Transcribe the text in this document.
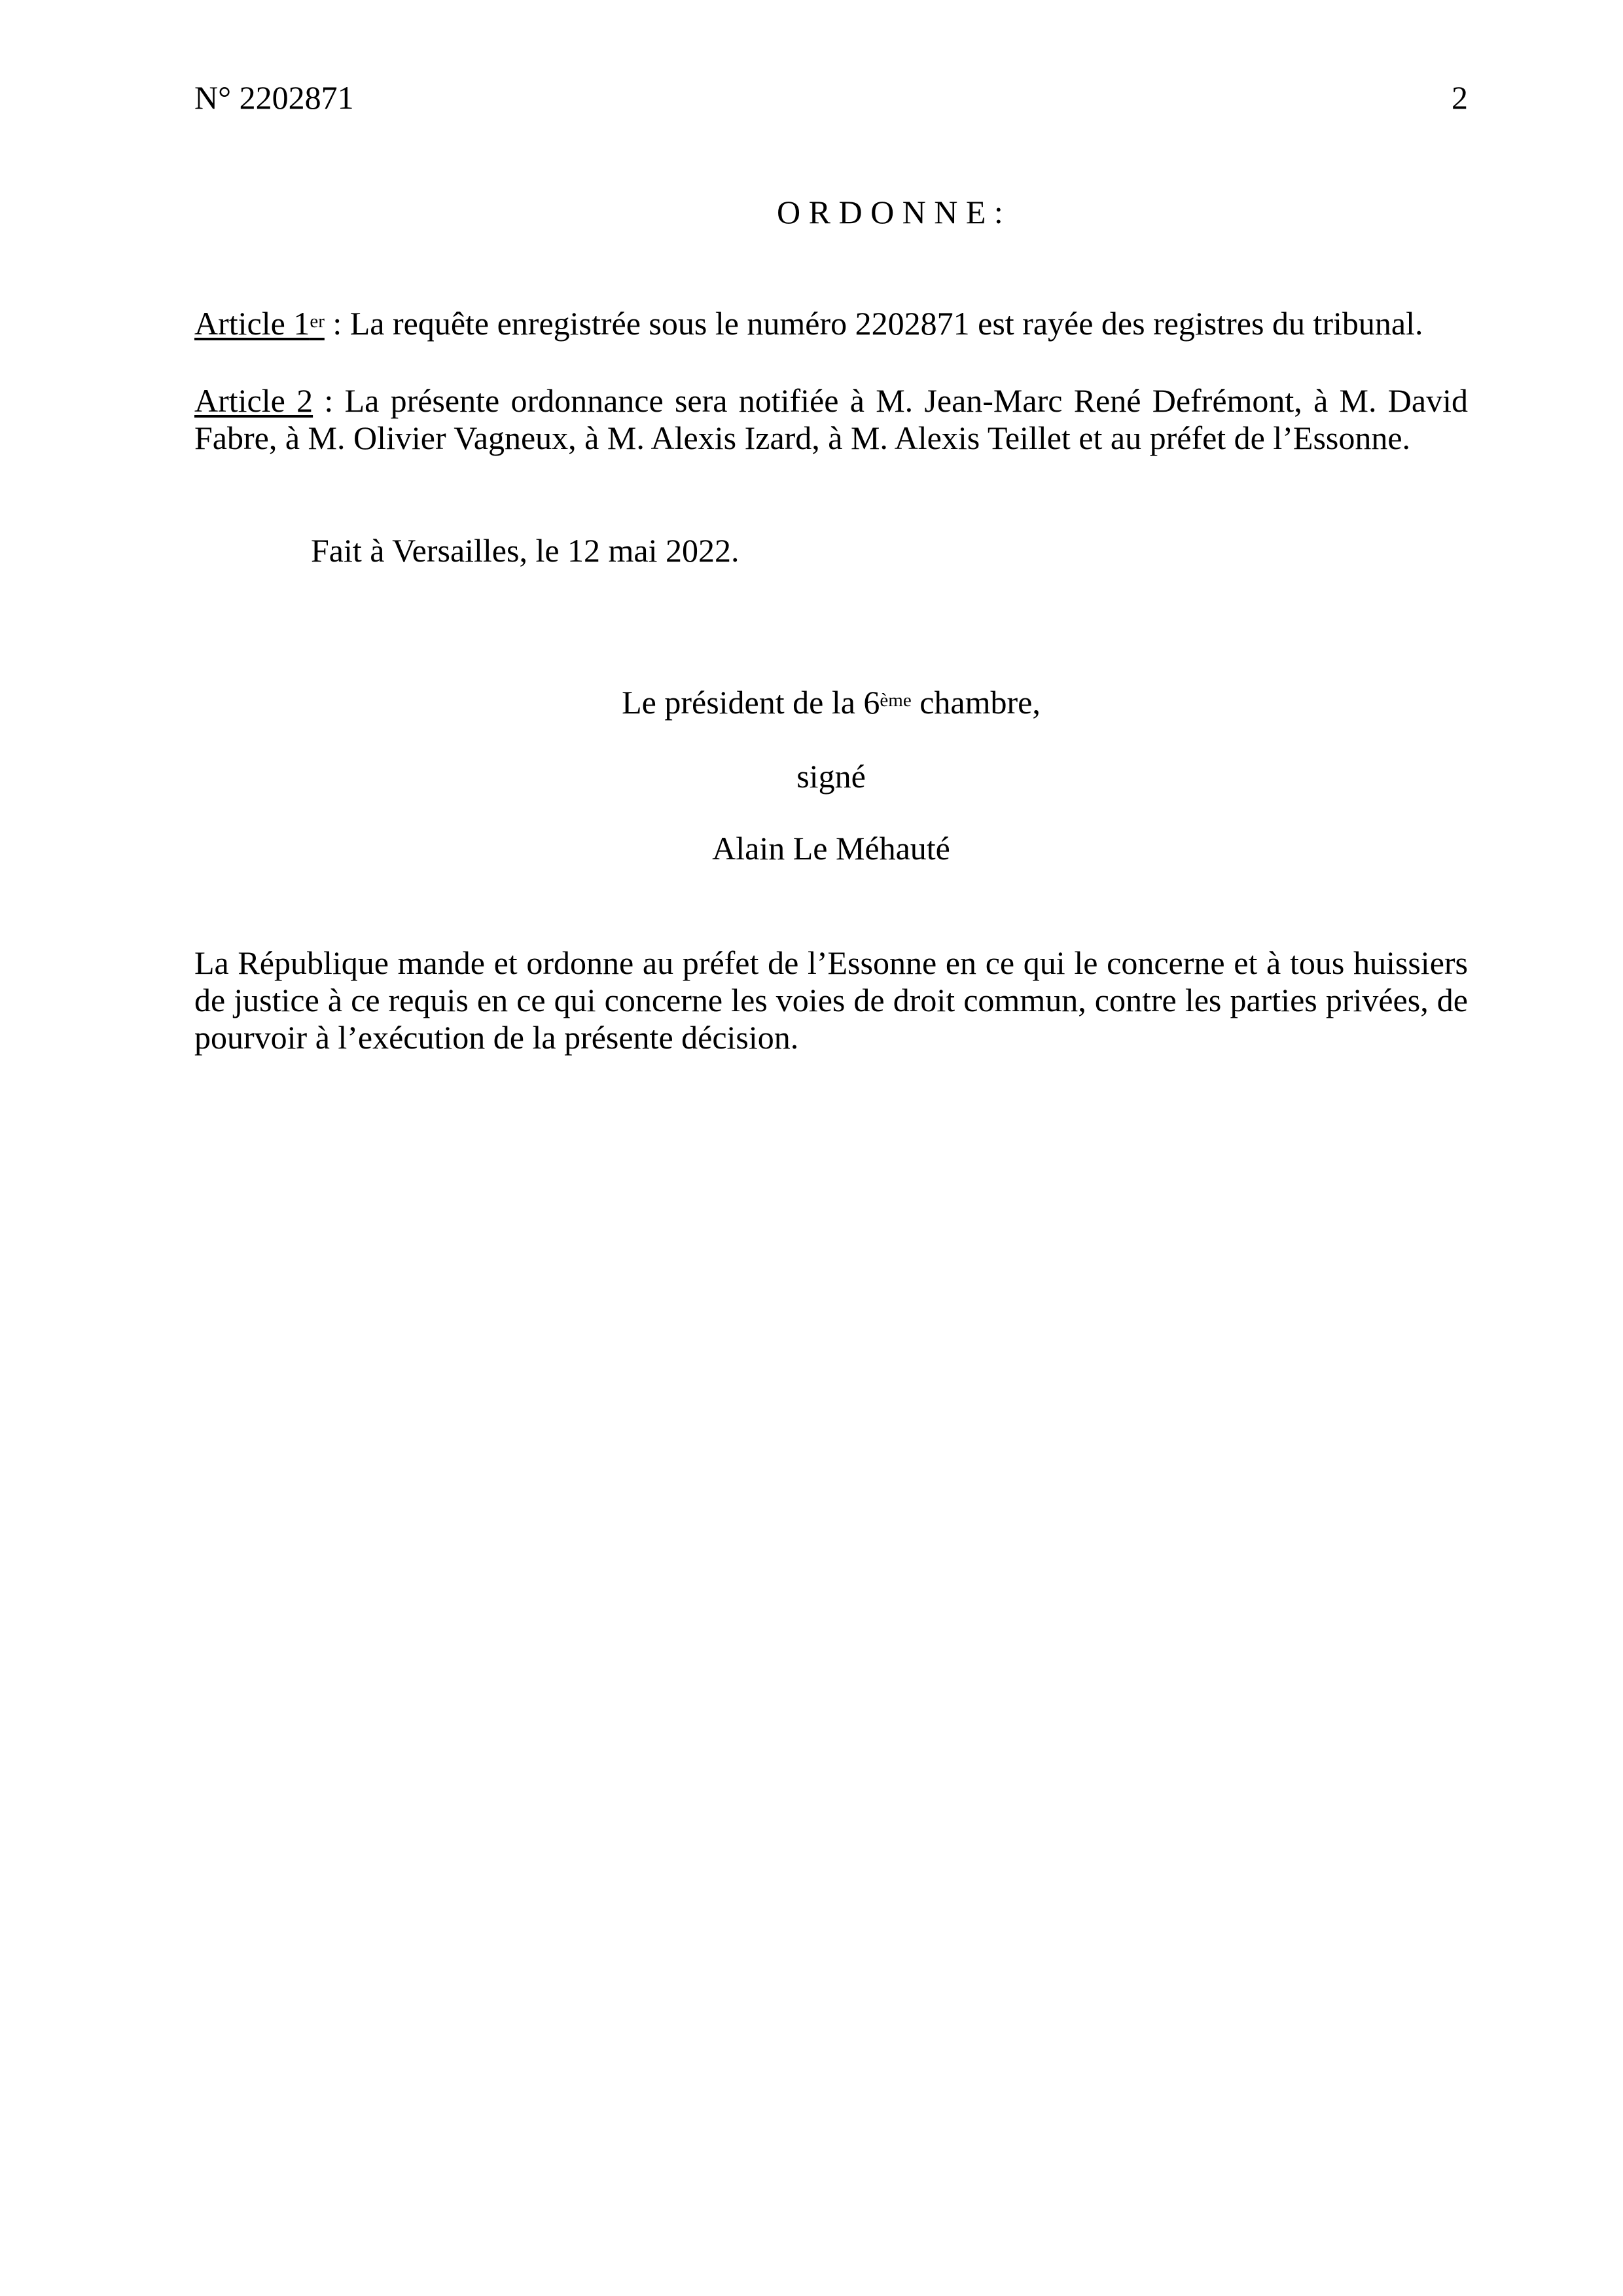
N° 2202871	2
O R D O N N E :
Article 1er : La requête enregistrée sous le numéro 2202871 est rayée des registres du tribunal.
Article 2 : La présente ordonnance sera notifiée à M. Jean-Marc René Defrémont, à M. David
Fabre, à M. Olivier Vagneux, à M. Alexis Izard, à M. Alexis Teillet et au préfet de l’Essonne.
Fait à Versailles, le 12 mai 2022.
Le président de la 6ème chambre,
signé
Alain Le Méhauté
La République mande et ordonne au préfet de l’Essonne en ce qui le concerne et à tous huissiers
de justice à ce requis en ce qui concerne les voies de droit commun, contre les parties privées, de
pourvoir à l’exécution de la présente décision.
